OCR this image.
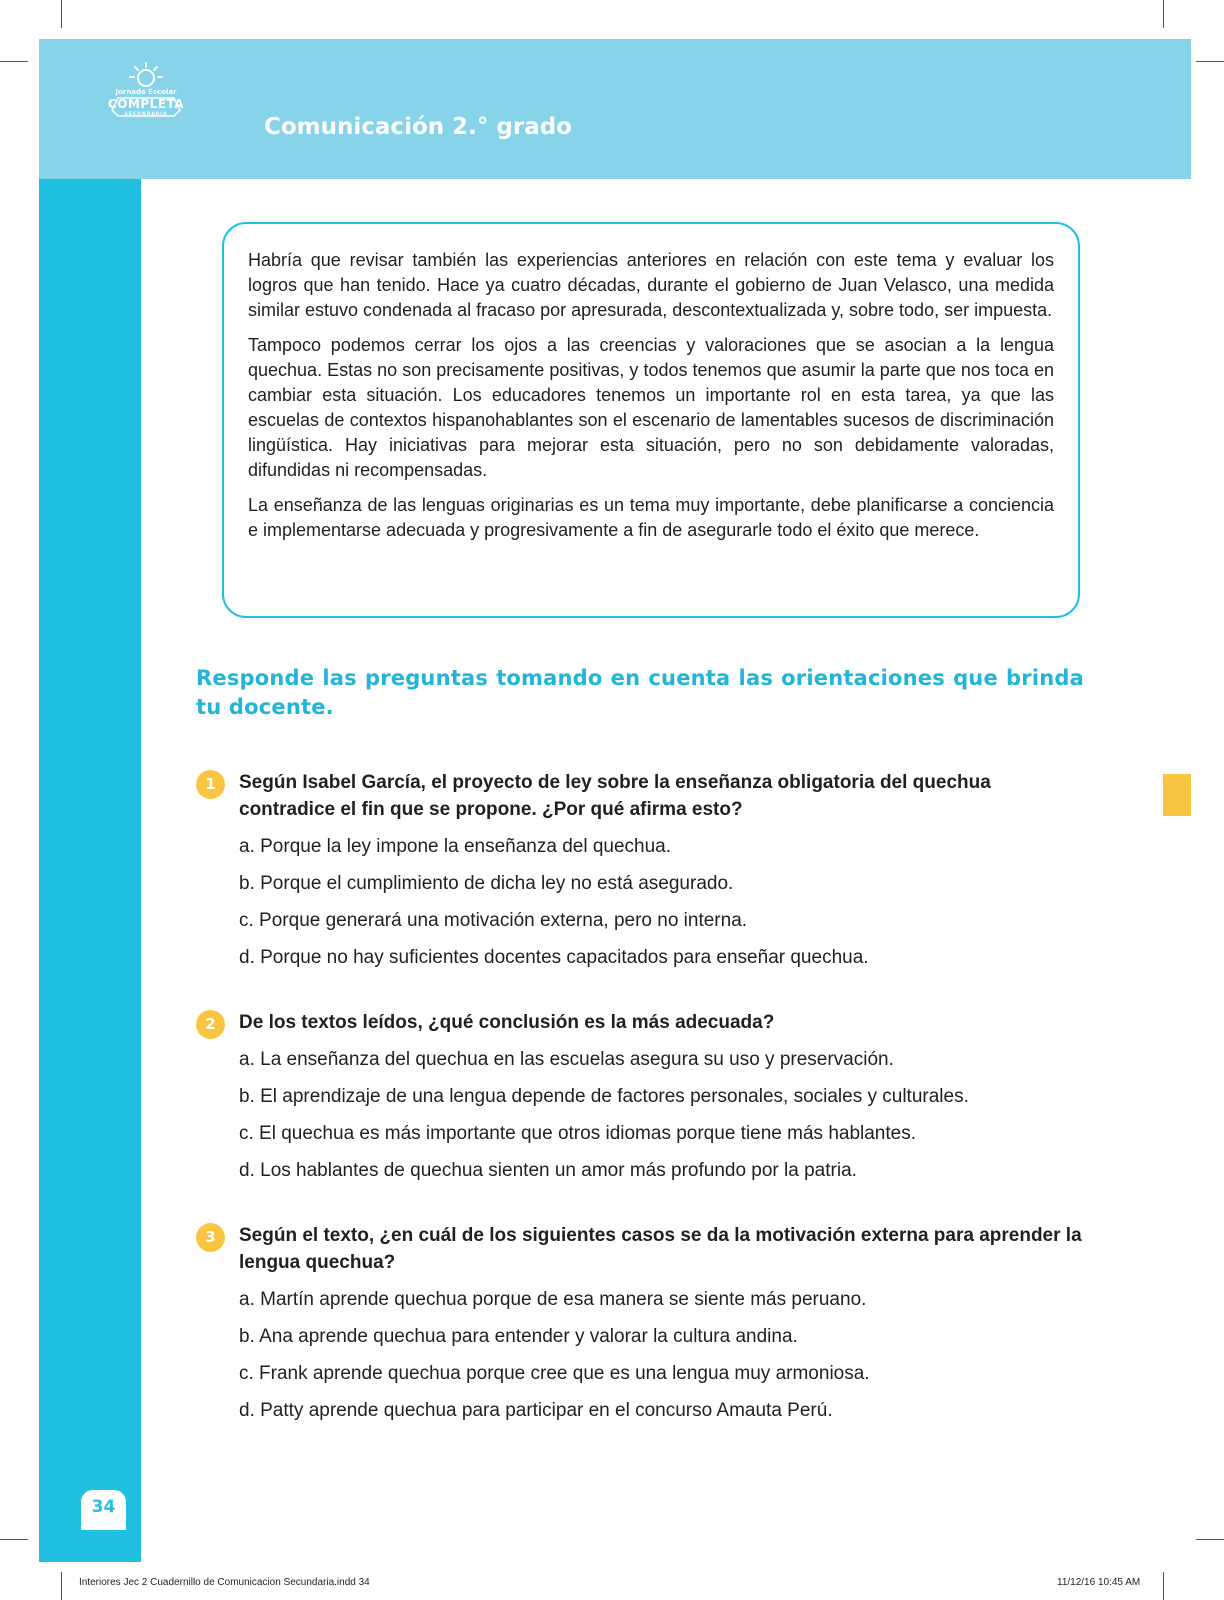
Jornada Escolar
COMPLETA
SECUNDARIA	Comunicación 2.° grado
34

Habría que revisar también las experiencias anteriores en relación con este tema y evaluar los logros que han tenido. Hace ya cuatro décadas, durante el gobierno de Juan Velasco, una medida similar estuvo condenada al fracaso por apresurada, descontextualizada y, sobre todo, ser impuesta.

Tampoco podemos cerrar los ojos a las creencias y valoraciones que se asocian a la lengua quechua. Estas no son precisamente positivas, y todos tenemos que asumir la parte que nos toca en cambiar esta situación. Los educadores tenemos un importante rol en esta tarea, ya que las escuelas de contextos hispanohablantes son el escenario de lamentables sucesos de discriminación lingüística. Hay iniciativas para mejorar esta situación, pero no son debidamente valoradas, difundidas ni recompensadas.

La enseñanza de las lenguas originarias es un tema muy importante, debe planificarse a conciencia e implementarse adecuada y progresivamente a fin de asegurarle todo el éxito que merece.

Responde las preguntas tomando en cuenta las orientaciones que brinda tu docente.
1	Según Isabel García, el proyecto de ley sobre la enseñanza obligatoria del quechua contradice el fin que se propone. ¿Por qué afirma esto?
a. Porque la ley impone la enseñanza del quechua.
b. Porque el cumplimiento de dicha ley no está asegurado.
c. Porque generará una motivación externa, pero no interna.
d. Porque no hay suficientes docentes capacitados para enseñar quechua.
2	De los textos leídos, ¿qué conclusión es la más adecuada?
a. La enseñanza del quechua en las escuelas asegura su uso y preservación.
b. El aprendizaje de una lengua depende de factores personales, sociales y culturales.
c. El quechua es más importante que otros idiomas porque tiene más hablantes.
d. Los hablantes de quechua sienten un amor más profundo por la patria.
3	Según el texto, ¿en cuál de los siguientes casos se da la motivación externa para aprender la lengua quechua?
a. Martín aprende quechua porque de esa manera se siente más peruano.
b. Ana aprende quechua para entender y valorar la cultura andina.
c. Frank aprende quechua porque cree que es una lengua muy armoniosa.
d. Patty aprende quechua para participar en el concurso Amauta Perú.
Interiores Jec 2 Cuadernillo de Comunicacion Secundaria.indd 34	11/12/16 10:45 AM
